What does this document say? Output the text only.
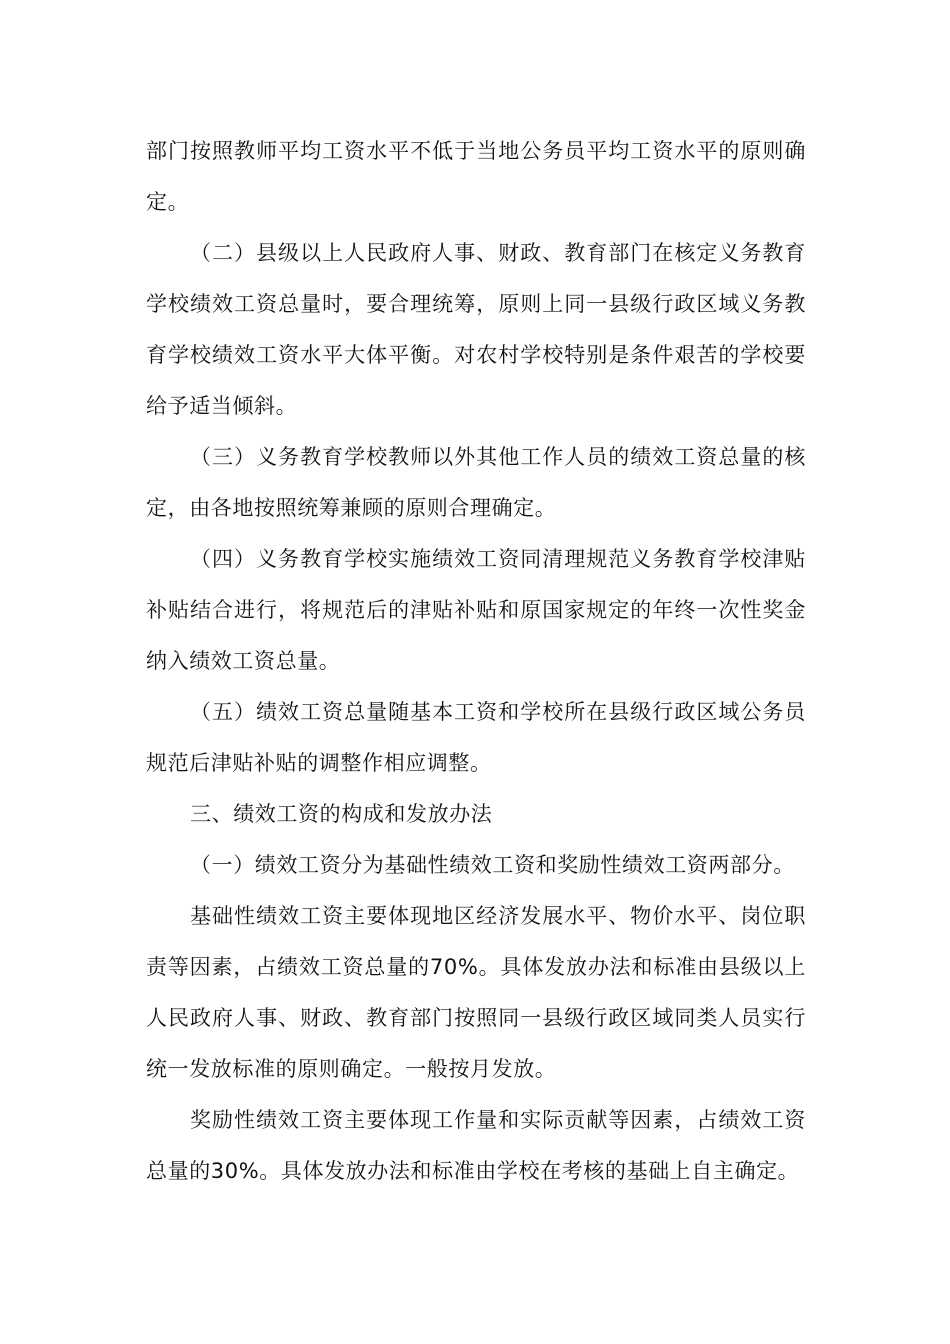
部门按照教师平均工资水平不低于当地公务员平均工资水平的原则确定。

（二）县级以上人民政府人事、财政、教育部门在核定义务教育学校绩效工资总量时，要合理统筹，原则上同一县级行政区域义务教育学校绩效工资水平大体平衡。对农村学校特别是条件艰苦的学校要给予适当倾斜。

（三）义务教育学校教师以外其他工作人员的绩效工资总量的核定，由各地按照统筹兼顾的原则合理确定。

（四）义务教育学校实施绩效工资同清理规范义务教育学校津贴补贴结合进行，将规范后的津贴补贴和原国家规定的年终一次性奖金纳入绩效工资总量。

（五）绩效工资总量随基本工资和学校所在县级行政区域公务员规范后津贴补贴的调整作相应调整。

三、绩效工资的构成和发放办法

（一）绩效工资分为基础性绩效工资和奖励性绩效工资两部分。

基础性绩效工资主要体现地区经济发展水平、物价水平、岗位职责等因素，占绩效工资总量的70%。具体发放办法和标准由县级以上人民政府人事、财政、教育部门按照同一县级行政区域同类人员实行统一发放标准的原则确定。一般按月发放。

奖励性绩效工资主要体现工作量和实际贡献等因素，占绩效工资总量的30%。具体发放办法和标准由学校在考核的基础上自主确定。
